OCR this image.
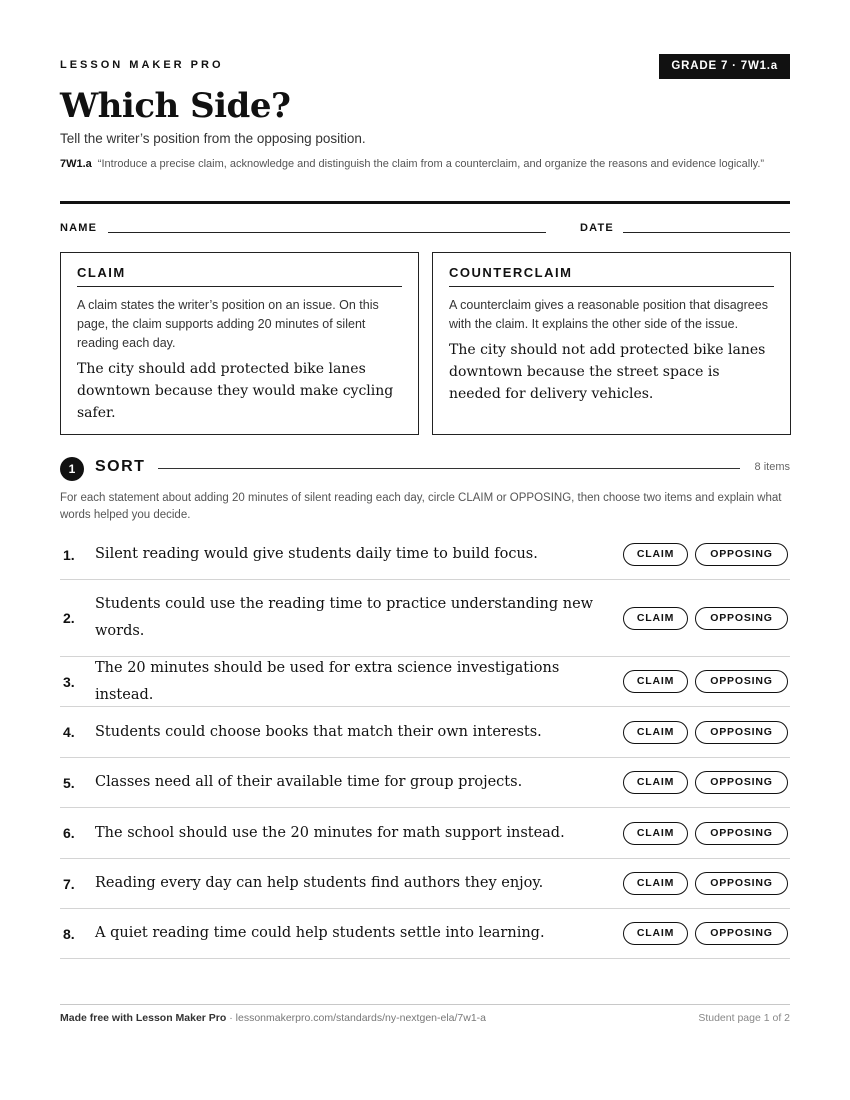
LESSON MAKER PRO	GRADE 7 · 7W1.a
Which Side?
Tell the writer’s position from the opposing position.
7W1.a “Introduce a precise claim, acknowledge and distinguish the claim from a counterclaim, and organize the reasons and evidence logically.”
NAME	DATE
CLAIM
A claim states the writer’s position on an issue. On this page, the claim supports adding 20 minutes of silent reading each day.
The city should add protected bike lanes downtown because they would make cycling safer.
COUNTERCLAIM
A counterclaim gives a reasonable position that disagrees with the claim. It explains the other side of the issue.
The city should not add protected bike lanes downtown because the street space is needed for delivery vehicles.
1	SORT	8 items
For each statement about adding 20 minutes of silent reading each day, circle CLAIM or OPPOSING, then choose two items and explain what words helped you decide.
1. Silent reading would give students daily time to build focus.	CLAIM	OPPOSING
2.
Students could use the reading time to practice understanding new words.
CLAIM	OPPOSING
3.
The 20 minutes should be used for extra science investigations instead.
CLAIM	OPPOSING
4. Students could choose books that match their own interests.	CLAIM	OPPOSING
5. Classes need all of their available time for group projects.	CLAIM	OPPOSING
6. The school should use the 20 minutes for math support instead.	CLAIM	OPPOSING
7. Reading every day can help students find authors they enjoy.	CLAIM	OPPOSING
8. A quiet reading time could help students settle into learning.	CLAIM	OPPOSING
Made free with Lesson Maker Pro · lessonmakerpro.com/standards/ny-nextgen-ela/7w1-a	Student page 1 of 2
